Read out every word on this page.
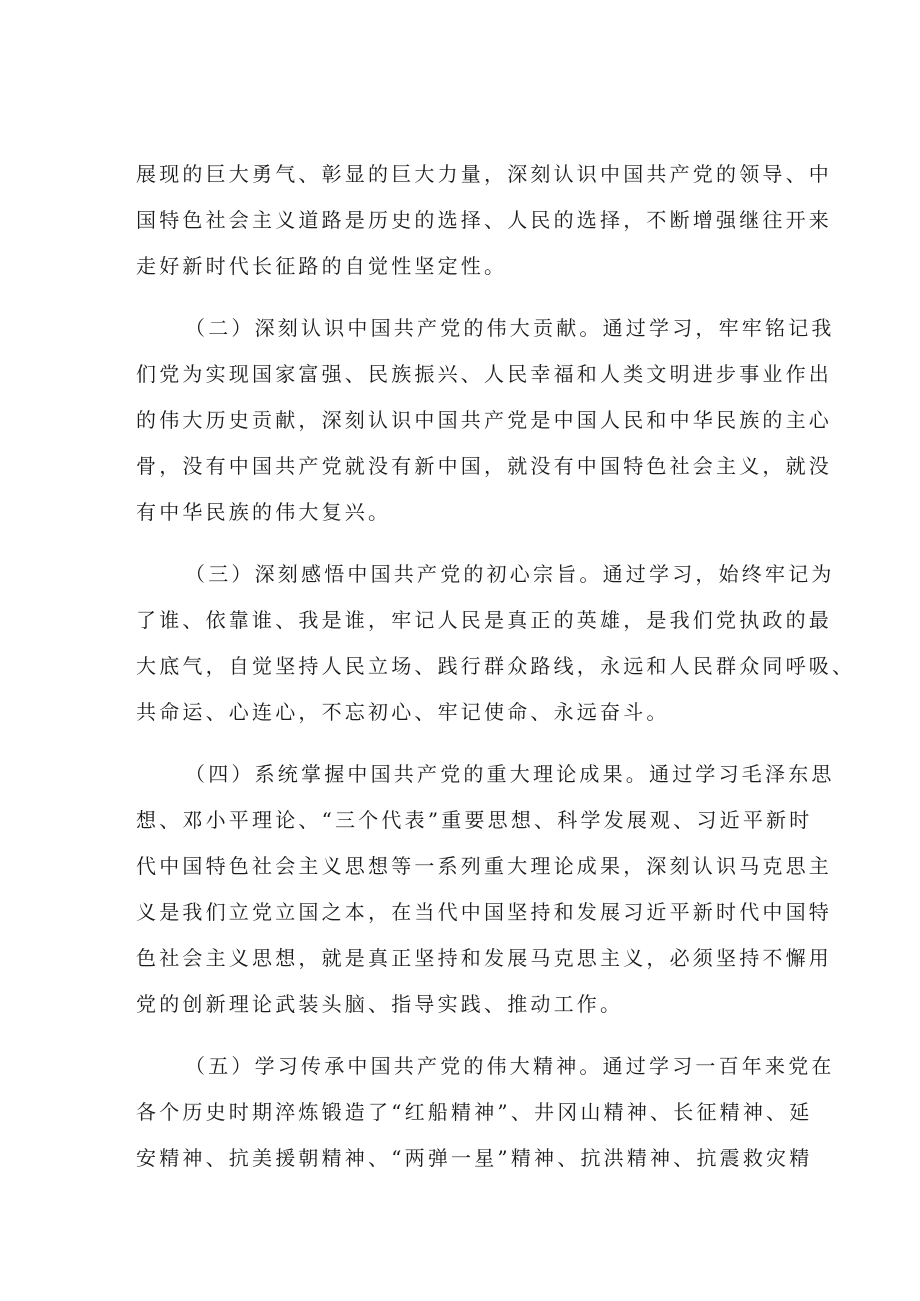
展现的巨大勇气、彰显的巨大力量，深刻认识中国共产党的领导、中
国特色社会主义道路是历史的选择、人民的选择，不断增强继往开来
走好新时代长征路的自觉性坚定性。
（二）深刻认识中国共产党的伟大贡献。通过学习，牢牢铭记我
们党为实现国家富强、民族振兴、人民幸福和人类文明进步事业作出
的伟大历史贡献，深刻认识中国共产党是中国人民和中华民族的主心
骨，没有中国共产党就没有新中国，就没有中国特色社会主义，就没
有中华民族的伟大复兴。
（三）深刻感悟中国共产党的初心宗旨。通过学习，始终牢记为
了谁、依靠谁、我是谁，牢记人民是真正的英雄，是我们党执政的最
大底气，自觉坚持人民立场、践行群众路线，永远和人民群众同呼吸、
共命运、心连心，不忘初心、牢记使命、永远奋斗。
（四）系统掌握中国共产党的重大理论成果。通过学习毛泽东思
想、邓小平理论、“三个代表”重要思想、科学发展观、习近平新时
代中国特色社会主义思想等一系列重大理论成果，深刻认识马克思主
义是我们立党立国之本，在当代中国坚持和发展习近平新时代中国特
色社会主义思想，就是真正坚持和发展马克思主义，必须坚持不懈用
党的创新理论武装头脑、指导实践、推动工作。
（五）学习传承中国共产党的伟大精神。通过学习一百年来党在
各个历史时期淬炼锻造了“红船精神”、井冈山精神、长征精神、延
安精神、抗美援朝精神、“两弹一星”精神、抗洪精神、抗震救灾精
